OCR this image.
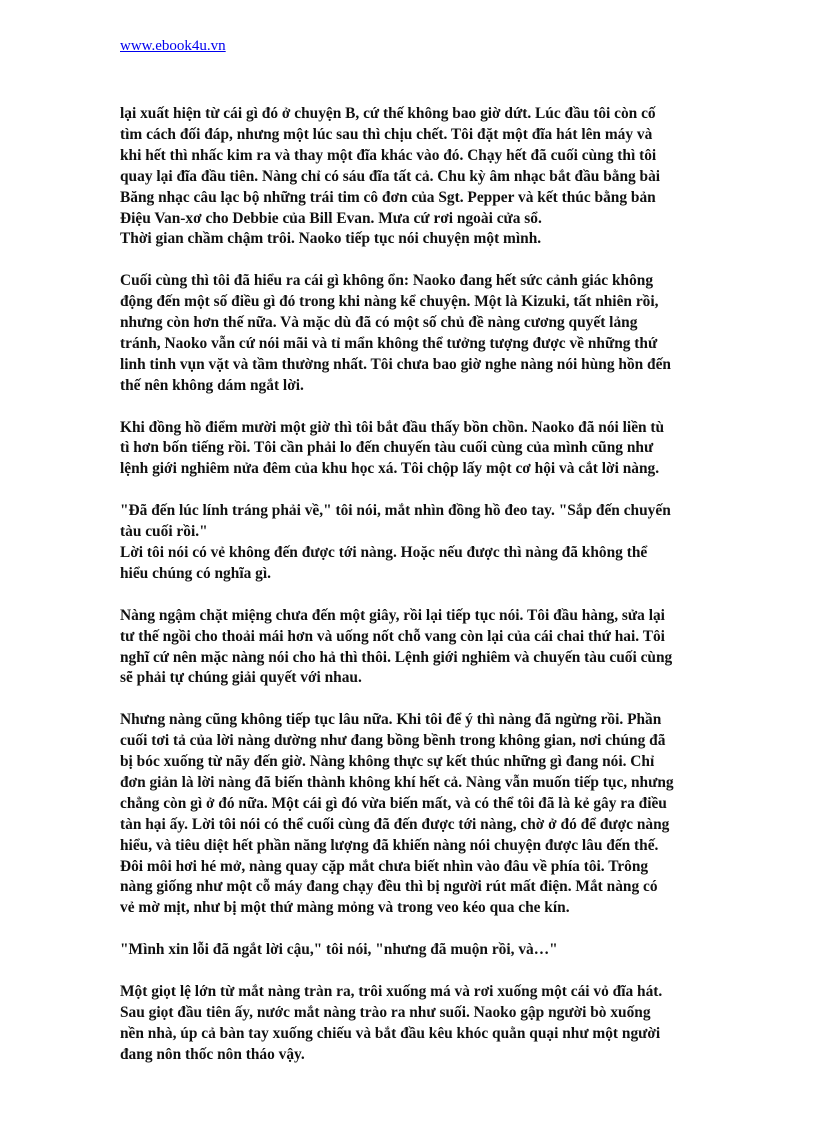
www.ebook4u.vn

lại xuất hiện từ cái gì đó ở chuyện B, cứ thế không bao giờ dứt. Lúc đầu tôi còn cố
tìm cách đối đáp, nhưng một lúc sau thì chịu chết. Tôi đặt một đĩa hát lên máy và
khi hết thì nhấc kim ra và thay một đĩa khác vào đó. Chạy hết đã cuối cùng thì tôi
quay lại đĩa đầu tiên. Nàng chỉ có sáu đĩa tất cả. Chu kỳ âm nhạc bắt đầu bằng bài
Băng nhạc câu lạc bộ những trái tim cô đơn của Sgt. Pepper và kết thúc bằng bản
Điệu Van-xơ cho Debbie của Bill Evan. Mưa cứ rơi ngoài cửa sổ.
Thời gian chầm chậm trôi. Naoko tiếp tục nói chuyện một mình.

Cuối cùng thì tôi đã hiểu ra cái gì không ổn: Naoko đang hết sức cảnh giác không
động đến một số điều gì đó trong khi nàng kể chuyện. Một là Kizuki, tất nhiên rồi,
nhưng còn hơn thế nữa. Và mặc dù đã có một số chủ đề nàng cương quyết lảng
tránh, Naoko vẫn cứ nói mãi và tỉ mẩn không thể tưởng tượng được về những thứ
linh tinh vụn vặt và tầm thường nhất. Tôi chưa bao giờ nghe nàng nói hùng hồn đến
thế nên không dám ngắt lời.

Khi đồng hồ điểm mười một giờ thì tôi bắt đầu thấy bồn chồn. Naoko đã nói liền tù
tì hơn bốn tiếng rồi. Tôi cần phải lo đến chuyến tàu cuối cùng của mình cũng như
lệnh giới nghiêm nửa đêm của khu học xá. Tôi chộp lấy một cơ hội và cắt lời nàng.

"Đã đến lúc lính tráng phải về," tôi nói, mắt nhìn đồng hồ đeo tay. "Sắp đến chuyến
tàu cuối rồi."
Lời tôi nói có vẻ không đến được tới nàng. Hoặc nếu được thì nàng đã không thể
hiểu chúng có nghĩa gì.

Nàng ngậm chặt miệng chưa đến một giây, rồi lại tiếp tục nói. Tôi đầu hàng, sửa lại
tư thế ngồi cho thoải mái hơn và uống nốt chỗ vang còn lại của cái chai thứ hai. Tôi
nghĩ cứ nên mặc nàng nói cho hả thì thôi. Lệnh giới nghiêm và chuyến tàu cuối cùng
sẽ phải tự chúng giải quyết với nhau.

Nhưng nàng cũng không tiếp tục lâu nữa. Khi tôi để ý thì nàng đã ngừng rồi. Phần
cuối tơi tả của lời nàng dường như đang bồng bềnh trong không gian, nơi chúng đã
bị bóc xuống từ nãy đến giờ. Nàng không thực sự kết thúc những gì đang nói. Chỉ
đơn giản là lời nàng đã biến thành không khí hết cả. Nàng vẫn muốn tiếp tục, nhưng
chẳng còn gì ở đó nữa. Một cái gì đó vừa biến mất, và có thể tôi đã là kẻ gây ra điều
tàn hại ấy. Lời tôi nói có thể cuối cùng đã đến được tới nàng, chờ ở đó để được nàng
hiểu, và tiêu diệt hết phần năng lượng đã khiến nàng nói chuyện được lâu đến thế.
Đôi môi hơi hé mở, nàng quay cặp mắt chưa biết nhìn vào đâu về phía tôi. Trông
nàng giống như một cỗ máy đang chạy đều thì bị người rút mất điện. Mắt nàng có
vẻ mờ mịt, như bị một thứ màng mỏng và trong veo kéo qua che kín.

"Mình xin lỗi đã ngắt lời cậu," tôi nói, "nhưng đã muộn rồi, và…"

Một giọt lệ lớn từ mắt nàng tràn ra, trôi xuống má và rơi xuống một cái vỏ đĩa hát.
Sau giọt đầu tiên ấy, nước mắt nàng trào ra như suối. Naoko gập người bò xuống
nền nhà, úp cả bàn tay xuống chiếu và bắt đầu kêu khóc quằn quại như một người
đang nôn thốc nôn tháo vậy.
